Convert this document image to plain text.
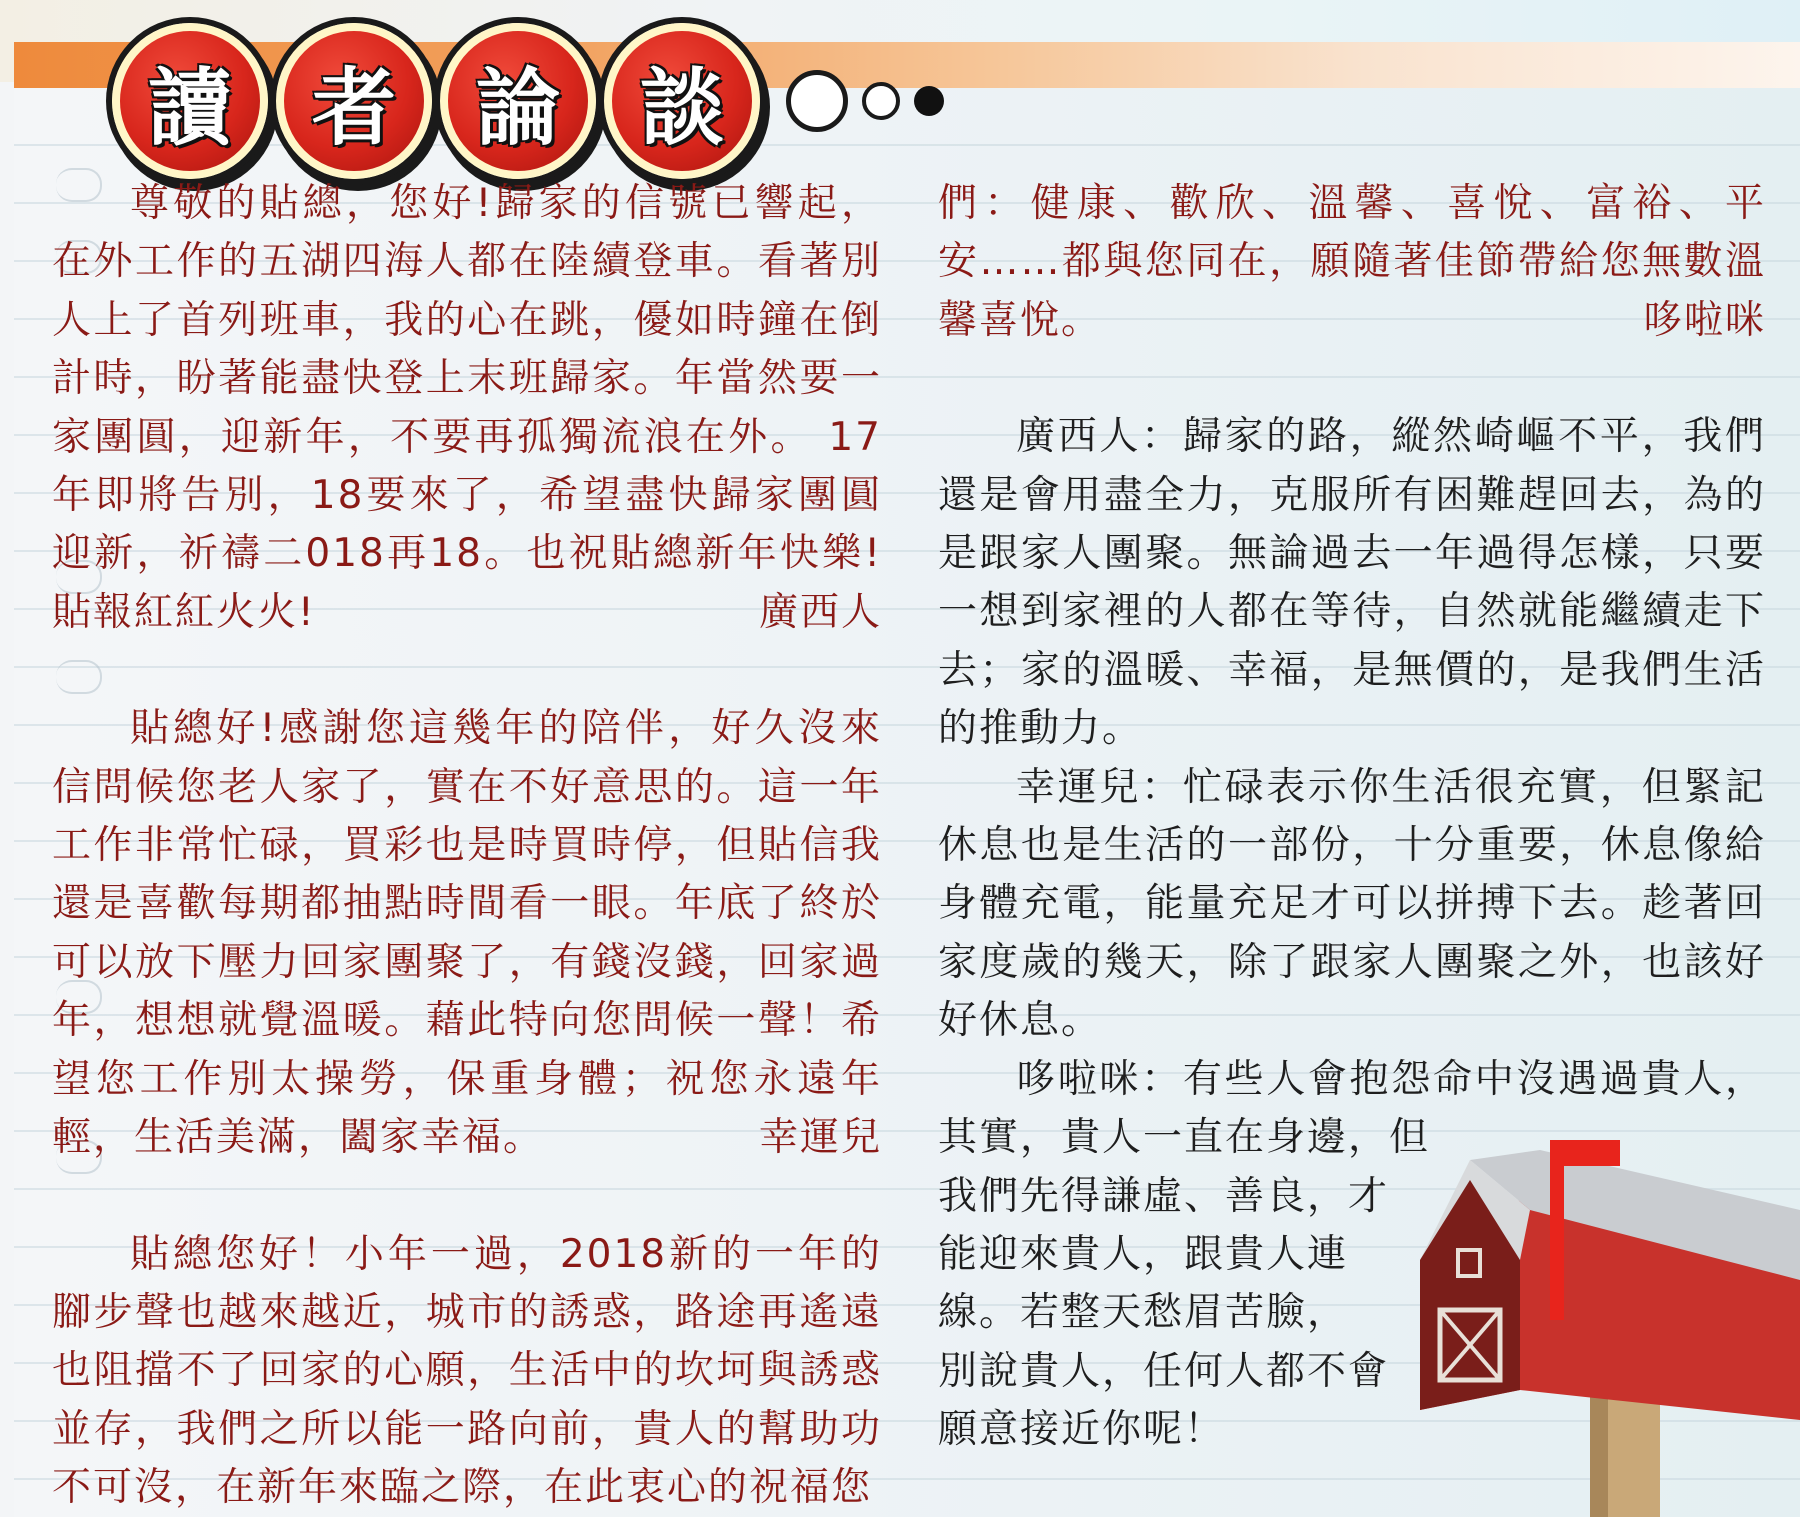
讀 者 論 談

尊敬的貼總，您好!歸家的信號已響起，在外工作的五湖四海人都在陸續登車。看著別人上了首列班車，我的心在跳，優如時鐘在倒計時，盼著能盡快登上末班歸家。年當然要一家團圓，迎新年，不要再孤獨流浪在外。 17年即將告別，18要來了，希望盡快歸家團圓迎新，祈禱二018再18。也祝貼總新年快樂!貼報紅紅火火!	廣西人

貼總好!感謝您這幾年的陪伴，好久沒來信問候您老人家了，實在不好意思的。這一年工作非常忙碌，買彩也是時買時停，但貼信我還是喜歡每期都抽點時間看一眼。年底了終於可以放下壓力回家團聚了，有錢沒錢，回家過年，想想就覺溫暖。藉此特向您問候一聲！希望您工作別太操勞，保重身體；祝您永遠年輕，生活美滿，闔家幸福。	幸運兒

貼總您好！小年一過，2018新的一年的腳步聲也越來越近，城市的誘惑，路途再遙遠也阻擋不了回家的心願，生活中的坎坷與誘惑並存，我們之所以能一路向前，貴人的幫助功不可沒，在新年來臨之際，在此衷心的祝福您

們：健康、歡欣、溫馨、喜悅、富裕、平安……都與您同在，願隨著佳節帶給您無數溫馨喜悅。	哆啦咪

廣西人：歸家的路，縱然崎嶇不平，我們還是會用盡全力，克服所有困難趕回去，為的是跟家人團聚。無論過去一年過得怎樣，只要一想到家裡的人都在等待，自然就能繼續走下去；家的溫暖、幸福，是無價的，是我們生活的推動力。

幸運兒：忙碌表示你生活很充實，但緊記休息也是生活的一部份，十分重要，休息像給身體充電，能量充足才可以拼搏下去。趁著回家度歲的幾天，除了跟家人團聚之外，也該好好休息。

哆啦咪：有些人會抱怨命中沒遇過貴人，其實，貴人一直在身邊，但

我們先得謙虛、善良，才
能迎來貴人，跟貴人連
線。若整天愁眉苦臉，
別說貴人，任何人都不會
願意接近你呢！
